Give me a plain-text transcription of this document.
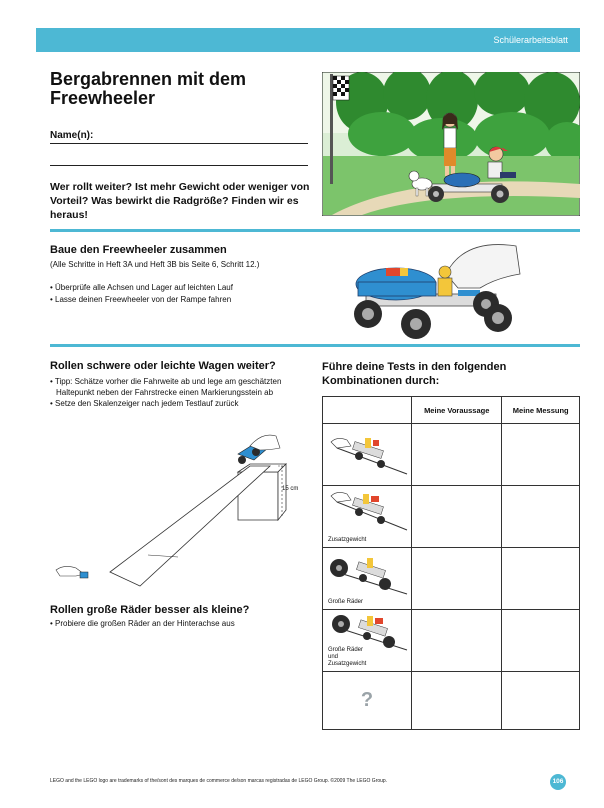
Schülerarbeitsblatt
Bergabrennen mit dem Freewheeler
Name(n):
Wer rollt weiter? Ist mehr Gewicht oder weniger von Vorteil? Was bewirkt die Radgröße? Finden wir es heraus!
Baue den Freewheeler zusammen
(Alle Schritte in Heft 3A und Heft 3B bis Seite 6, Schritt 12.)
• Überprüfe alle Achsen und Lager auf leichten Lauf
• Lasse deinen Freewheeler von der Rampe fahren
Rollen schwere oder leichte Wagen weiter?
• Tipp: Schätze vorher die Fahrweite ab und lege am geschätzten Haltepunkt neben der Fahrstrecke einen Markierungsstein ab
• Setze den Skalenzeiger nach jedem Testlauf zurück
15 cm
Führe deine Tests in den folgenden Kombinationen durch:
	Meine Voraussage	Meine Messung

Zusatzgewicht		

Große Räder		

Große Räder und Zusatzgewicht		

?		
Rollen große Räder besser als kleine?
• Probiere die großen Räder an der Hinterachse aus
LEGO and the LEGO logo are trademarks of the/sont des marques de commerce de/son marcas registradas de LEGO Group. ©2009 The LEGO Group.	106
